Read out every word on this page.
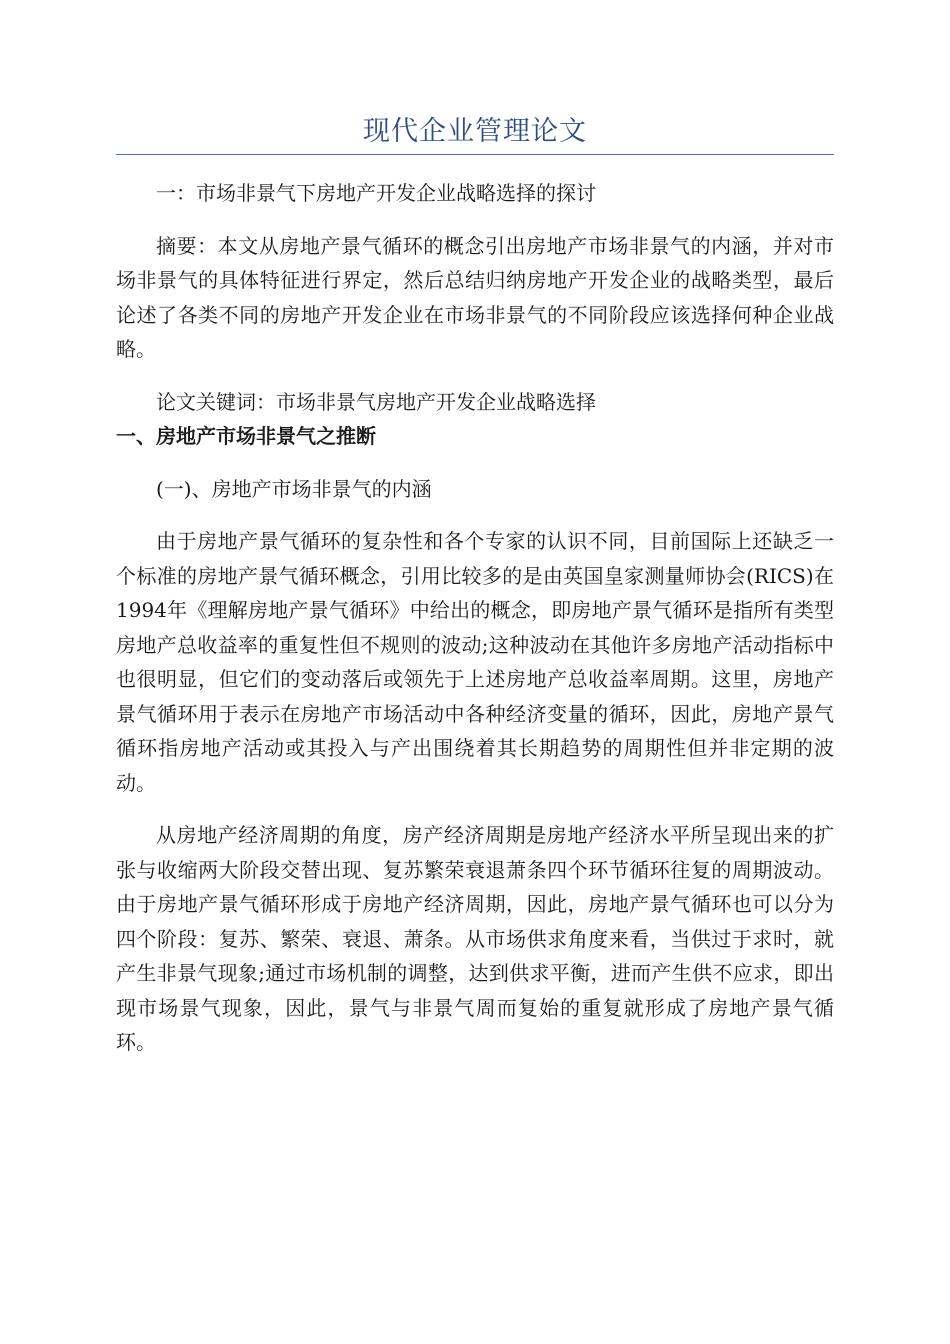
现代企业管理论文

一：市场非景气下房地产开发企业战略选择的探讨

摘要：本文从房地产景气循环的概念引出房地产市场非景气的内涵，并对市场非景气的具体特征进行界定，然后总结归纳房地产开发企业的战略类型，最后论述了各类不同的房地产开发企业在市场非景气的不同阶段应该选择何种企业战略。

论文关键词：市场非景气房地产开发企业战略选择

一、房地产市场非景气之推断

(一)、房地产市场非景气的内涵

由于房地产景气循环的复杂性和各个专家的认识不同，目前国际上还缺乏一个标准的房地产景气循环概念，引用比较多的是由英国皇家测量师协会(RICS)在1994年《理解房地产景气循环》中给出的概念，即房地产景气循环是指所有类型房地产总收益率的重复性但不规则的波动;这种波动在其他许多房地产活动指标中也很明显，但它们的变动落后或领先于上述房地产总收益率周期。这里，房地产景气循环用于表示在房地产市场活动中各种经济变量的循环，因此，房地产景气循环指房地产活动或其投入与产出围绕着其长期趋势的周期性但并非定期的波动。

从房地产经济周期的角度，房产经济周期是房地产经济水平所呈现出来的扩张与收缩两大阶段交替出现、复苏繁荣衰退萧条四个环节循环往复的周期波动。由于房地产景气循环形成于房地产经济周期，因此，房地产景气循环也可以分为四个阶段：复苏、繁荣、衰退、萧条。从市场供求角度来看，当供过于求时，就产生非景气现象;通过市场机制的调整，达到供求平衡，进而产生供不应求，即出现市场景气现象，因此，景气与非景气周而复始的重复就形成了房地产景气循环。
